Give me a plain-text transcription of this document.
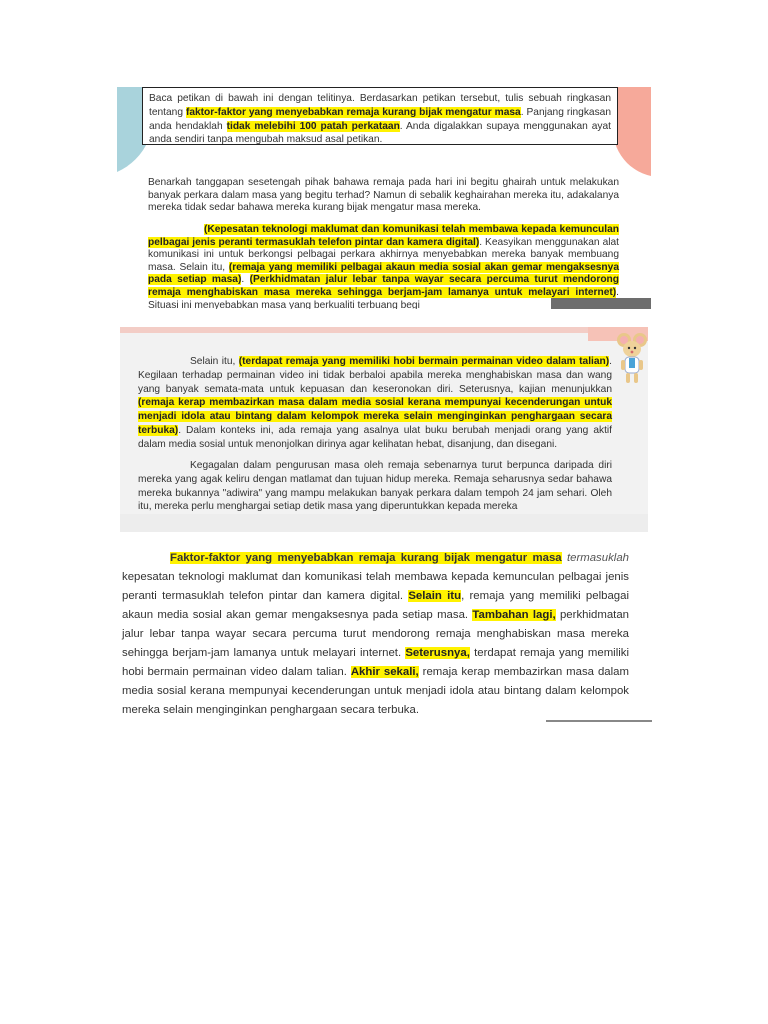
Baca petikan di bawah ini dengan telitinya. Berdasarkan petikan tersebut, tulis sebuah ringkasan tentang faktor-faktor yang menyebabkan remaja kurang bijak mengatur masa. Panjang ringkasan anda hendaklah tidak melebihi 100 patah perkataan. Anda digalakkan supaya menggunakan ayat anda sendiri tanpa mengubah maksud asal petikan.
Benarkah tanggapan sesetengah pihak bahawa remaja pada hari ini begitu ghairah untuk melakukan banyak perkara dalam masa yang begitu terhad? Namun di sebalik keghairahan mereka itu, adakalanya mereka tidak sedar bahawa mereka kurang bijak mengatur masa mereka.
(Kepesatan teknologi maklumat dan komunikasi telah membawa kepada kemunculan pelbagai jenis peranti termasuklah telefon pintar dan kamera digital). Keasyikan menggunakan alat komunikasi ini untuk berkongsi pelbagai perkara akhirnya menyebabkan mereka banyak membuang masa. Selain itu, (remaja yang memiliki pelbagai akaun media sosial akan gemar mengaksesnya pada setiap masa). (Perkhidmatan jalur lebar tanpa wayar secara percuma turut mendorong remaja menghabiskan masa mereka sehingga berjam-jam lamanya untuk melayari internet). Situasi ini menyebabkan masa yang berkualiti terbuang begi
Selain itu, (terdapat remaja yang memiliki hobi bermain permainan video dalam talian). Kegilaan terhadap permainan video ini tidak berbaloi apabila mereka menghabiskan masa dan wang yang banyak semata-mata untuk kepuasan dan keseronokan diri. Seterusnya, kajian menunjukkan (remaja kerap membazirkan masa dalam media sosial kerana mempunyai kecenderungan untuk menjadi idola atau bintang dalam kelompok mereka selain menginginkan penghargaan secara terbuka). Dalam konteks ini, ada remaja yang asalnya ulat buku berubah menjadi orang yang aktif dalam media sosial untuk menonjolkan dirinya agar kelihatan hebat, disanjung, dan disegani.
Kegagalan dalam pengurusan masa oleh remaja sebenarnya turut berpunca daripada diri mereka yang agak keliru dengan matlamat dan tujuan hidup mereka. Remaja seharusnya sedar bahawa mereka bukannya "adiwira" yang mampu melakukan banyak perkara dalam tempoh 24 jam sehari. Oleh itu, mereka perlu menghargai setiap detik masa yang diperuntukkan kepada mereka
Faktor-faktor yang menyebabkan remaja kurang bijak mengatur masa termasuklah kepesatan teknologi maklumat dan komunikasi telah membawa kepada kemunculan pelbagai jenis peranti termasuklah telefon pintar dan kamera digital. Selain itu, remaja yang memiliki pelbagai akaun media sosial akan gemar mengaksesnya pada setiap masa. Tambahan lagi, perkhidmatan jalur lebar tanpa wayar secara percuma turut mendorong remaja menghabiskan masa mereka sehingga berjam-jam lamanya untuk melayari internet. Seterusnya, terdapat remaja yang memiliki hobi bermain permainan video dalam talian. Akhir sekali, remaja kerap membazirkan masa dalam media sosial kerana mempunyai kecenderungan untuk menjadi idola atau bintang dalam kelompok mereka selain menginginkan penghargaan secara terbuka.
